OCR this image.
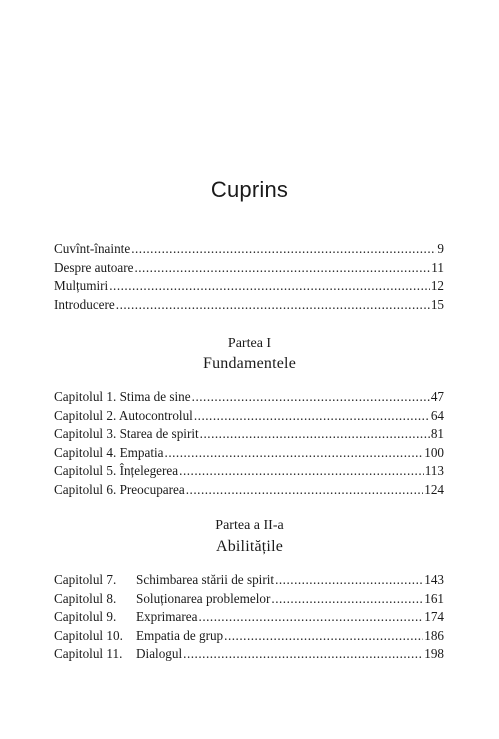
Cuprins
Cuvînt-înainte .....	9
Despre autoare .....	11
Mulțumiri .....	12
Introducere .....	15
Partea I
Fundamentele
Capitolul 1. Stima de sine .....	47
Capitolul 2. Autocontrolul .....	64
Capitolul 3. Starea de spirit .....	81
Capitolul 4. Empatia .....	100
Capitolul 5. Înțelegerea .....	113
Capitolul 6. Preocuparea .....	124
Partea a II-a
Abilitățile
Capitolul 7. Schimbarea stării de spirit .....	143
Capitolul 8. Soluționarea problemelor .....	161
Capitolul 9. Exprimarea .....	174
Capitolul 10. Empatia de grup .....	186
Capitolul 11. Dialogul .....	198
